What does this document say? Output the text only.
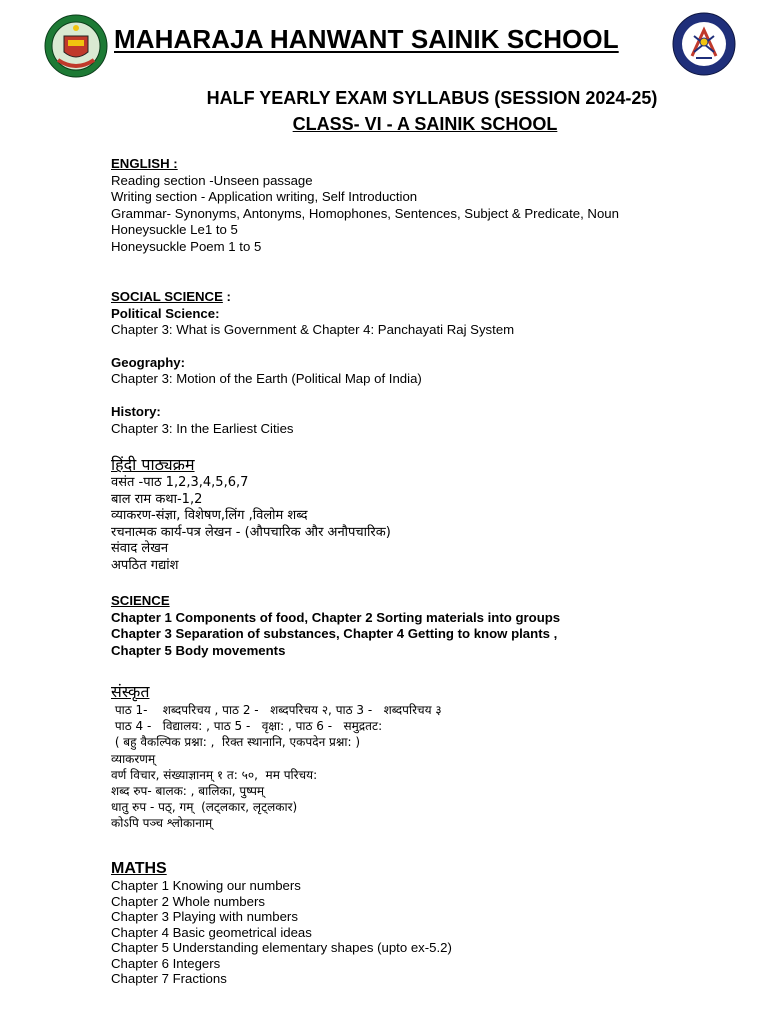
MAHARAJA HANWANT SAINIK SCHOOL
HALF YEARLY EXAM SYLLABUS (SESSION 2024-25)
CLASS- VI - A SAINIK SCHOOL
ENGLISH :
Reading section -Unseen passage
Writing section - Application writing, Self Introduction
Grammar- Synonyms, Antonyms, Homophones, Sentences, Subject & Predicate, Noun
Honeysuckle Le1 to 5
Honeysuckle Poem 1 to 5
SOCIAL SCIENCE :
Political Science:
Chapter 3: What is Government & Chapter 4: Panchayati Raj System
Geography:
Chapter 3: Motion of the Earth (Political Map of India)
History:
Chapter 3: In the Earliest Cities
हिंदी पाठ्यक्रम
वसंत -पाठ 1,2,3,4,5,6,7
बाल राम कथा-1,2
व्याकरण-संज्ञा, विशेषण,लिंग ,विलोम शब्द
रचनात्मक कार्य-पत्र लेखन - (औपचारिक और अनौपचारिक)
संवाद लेखन
अपठित गद्यांश
SCIENCE
Chapter 1 Components of food, Chapter 2 Sorting materials into groups
Chapter 3 Separation of substances, Chapter 4 Getting to know plants ,
Chapter 5 Body movements
संस्कृत
पाठ 1-    शब्दपरिचय , पाठ 2 -   शब्दपरिचय २, पाठ 3 -   शब्दपरिचय ३
पाठ 4 -   विद्यालय: , पाठ 5 -   वृक्षा: , पाठ 6 -   समुद्रतट:
( बहु वैकल्पिक प्रश्ना: ,  रिक्त स्थानानि, एकपदेन प्रश्ना: )
व्याकरणम्
वर्ण विचार, संख्याज्ञानम् १ त: ५०,  मम परिचय:
शब्द रुप- बालक: , बालिका, पुष्पम्
धातु रुप - पठ्, गम्  (लट्लकार, लृट्लकार)
कोऽपि पञ्च श्लोकानाम्
MATHS
Chapter 1 Knowing our numbers
Chapter 2 Whole numbers
Chapter 3 Playing with numbers
Chapter 4 Basic geometrical ideas
Chapter 5 Understanding elementary shapes (upto ex-5.2)
Chapter 6 Integers
Chapter 7 Fractions
